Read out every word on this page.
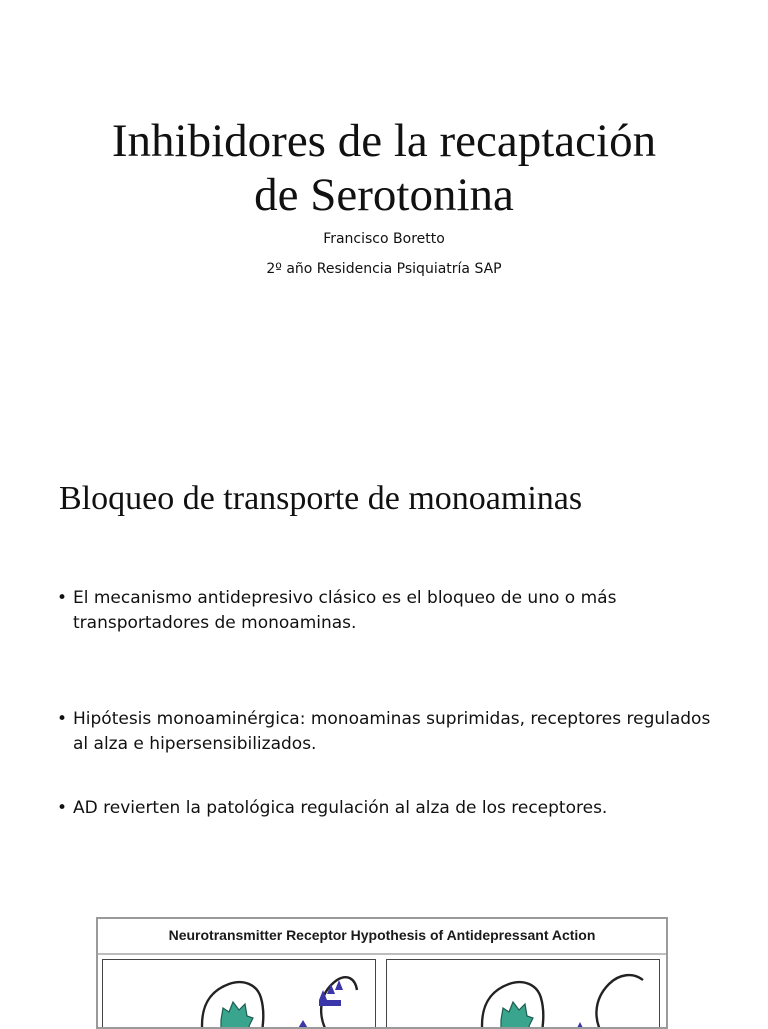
Inhibidores de la recaptación
de Serotonina
Francisco Boretto
2º año Residencia Psiquiatría SAP
Bloqueo de transporte de monoaminas
• El mecanismo antidepresivo clásico es el bloqueo de uno o más transportadores de monoaminas.
• Hipótesis monoaminérgica: monoaminas suprimidas, receptores regulados al alza e hipersensibilizados.
• AD revierten la patológica regulación al alza de los receptores.
Neurotransmitter Receptor Hypothesis of Antidepressant Action
